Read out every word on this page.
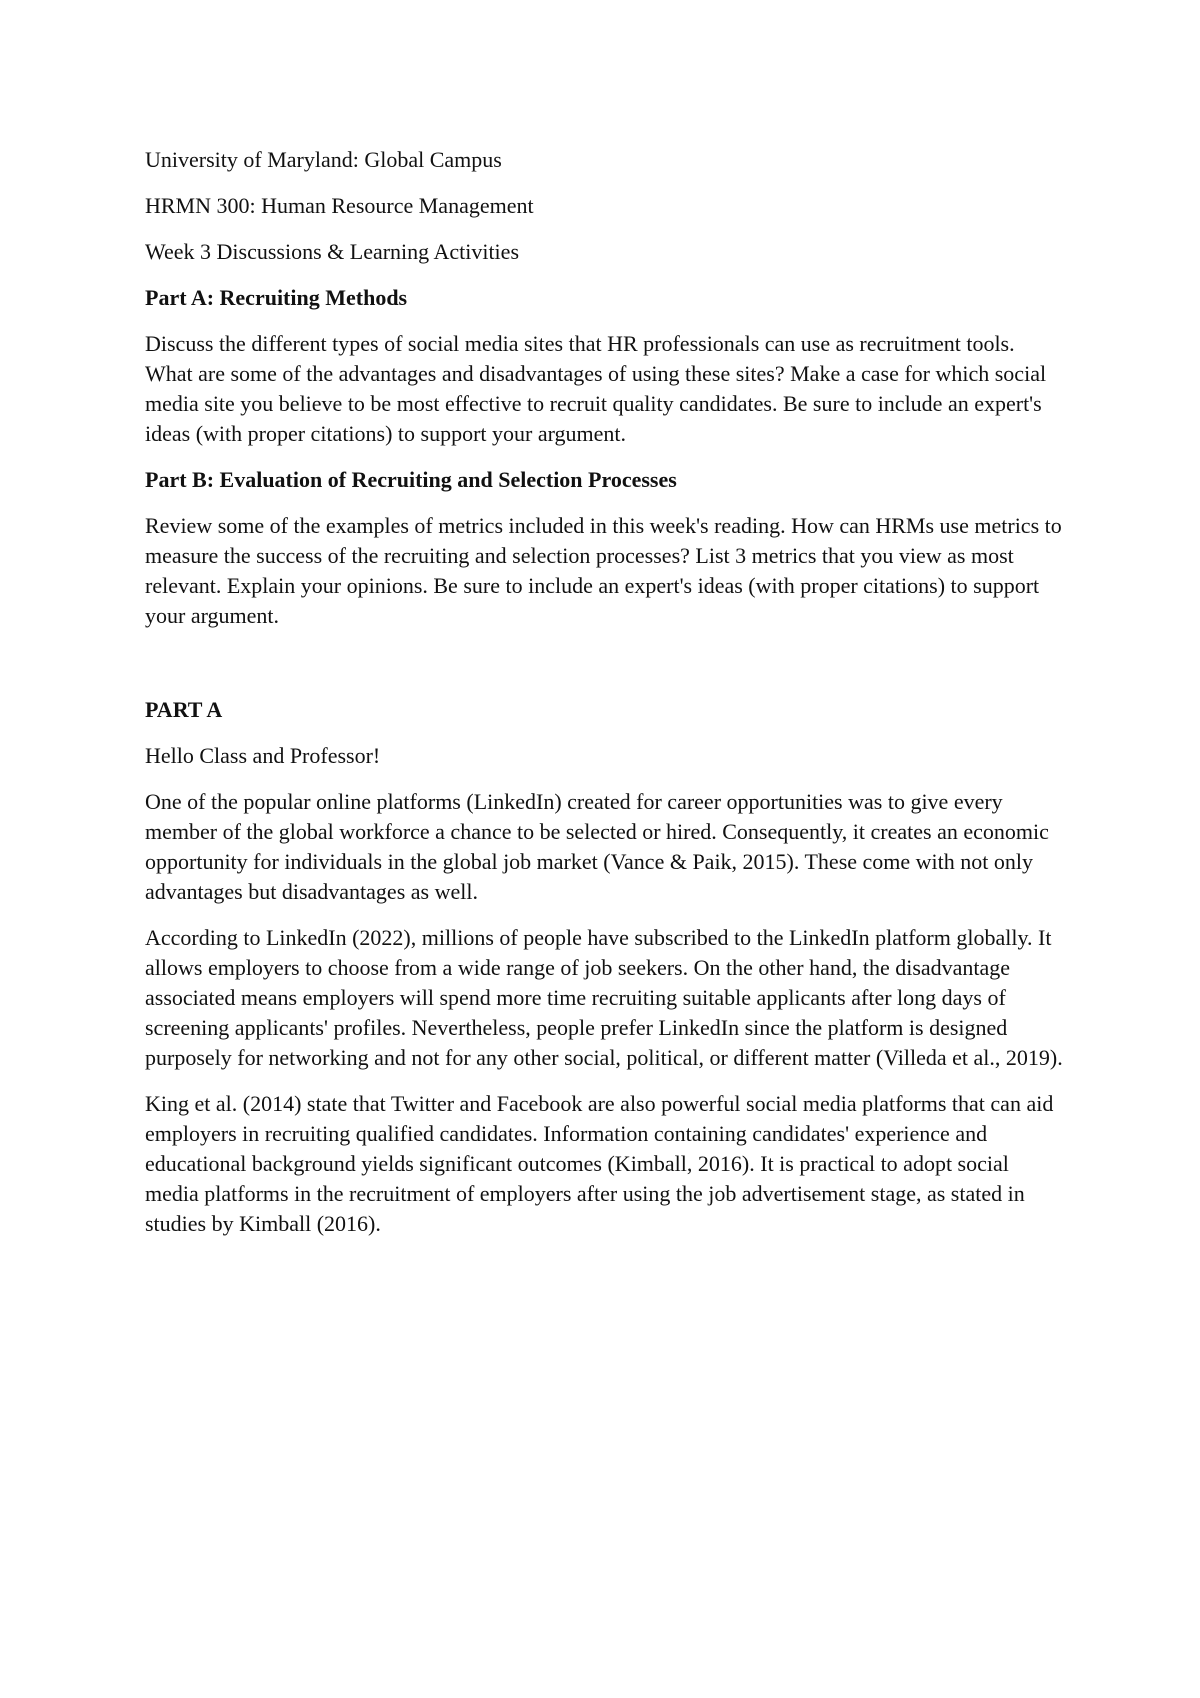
University of Maryland: Global Campus

HRMN 300: Human Resource Management

Week 3 Discussions & Learning Activities

Part A: Recruiting Methods

Discuss the different types of social media sites that HR professionals can use as recruitment tools. What are some of the advantages and disadvantages of using these sites? Make a case for which social media site you believe to be most effective to recruit quality candidates. Be sure to include an expert's ideas (with proper citations) to support your argument.

Part B: Evaluation of Recruiting and Selection Processes

Review some of the examples of metrics included in this week's reading. How can HRMs use metrics to measure the success of the recruiting and selection processes? List 3 metrics that you view as most relevant. Explain your opinions. Be sure to include an expert's ideas (with proper citations) to support your argument.

PART A

Hello Class and Professor!

One of the popular online platforms (LinkedIn) created for career opportunities was to give every member of the global workforce a chance to be selected or hired. Consequently, it creates an economic opportunity for individuals in the global job market (Vance & Paik, 2015). These come with not only advantages but disadvantages as well.

According to LinkedIn (2022), millions of people have subscribed to the LinkedIn platform globally. It allows employers to choose from a wide range of job seekers. On the other hand, the disadvantage associated means employers will spend more time recruiting suitable applicants after long days of screening applicants' profiles. Nevertheless, people prefer LinkedIn since the platform is designed purposely for networking and not for any other social, political, or different matter (Villeda et al., 2019).

King et al. (2014) state that Twitter and Facebook are also powerful social media platforms that can aid employers in recruiting qualified candidates. Information containing candidates' experience and educational background yields significant outcomes (Kimball, 2016). It is practical to adopt social media platforms in the recruitment of employers after using the job advertisement stage, as stated in studies by Kimball (2016).
